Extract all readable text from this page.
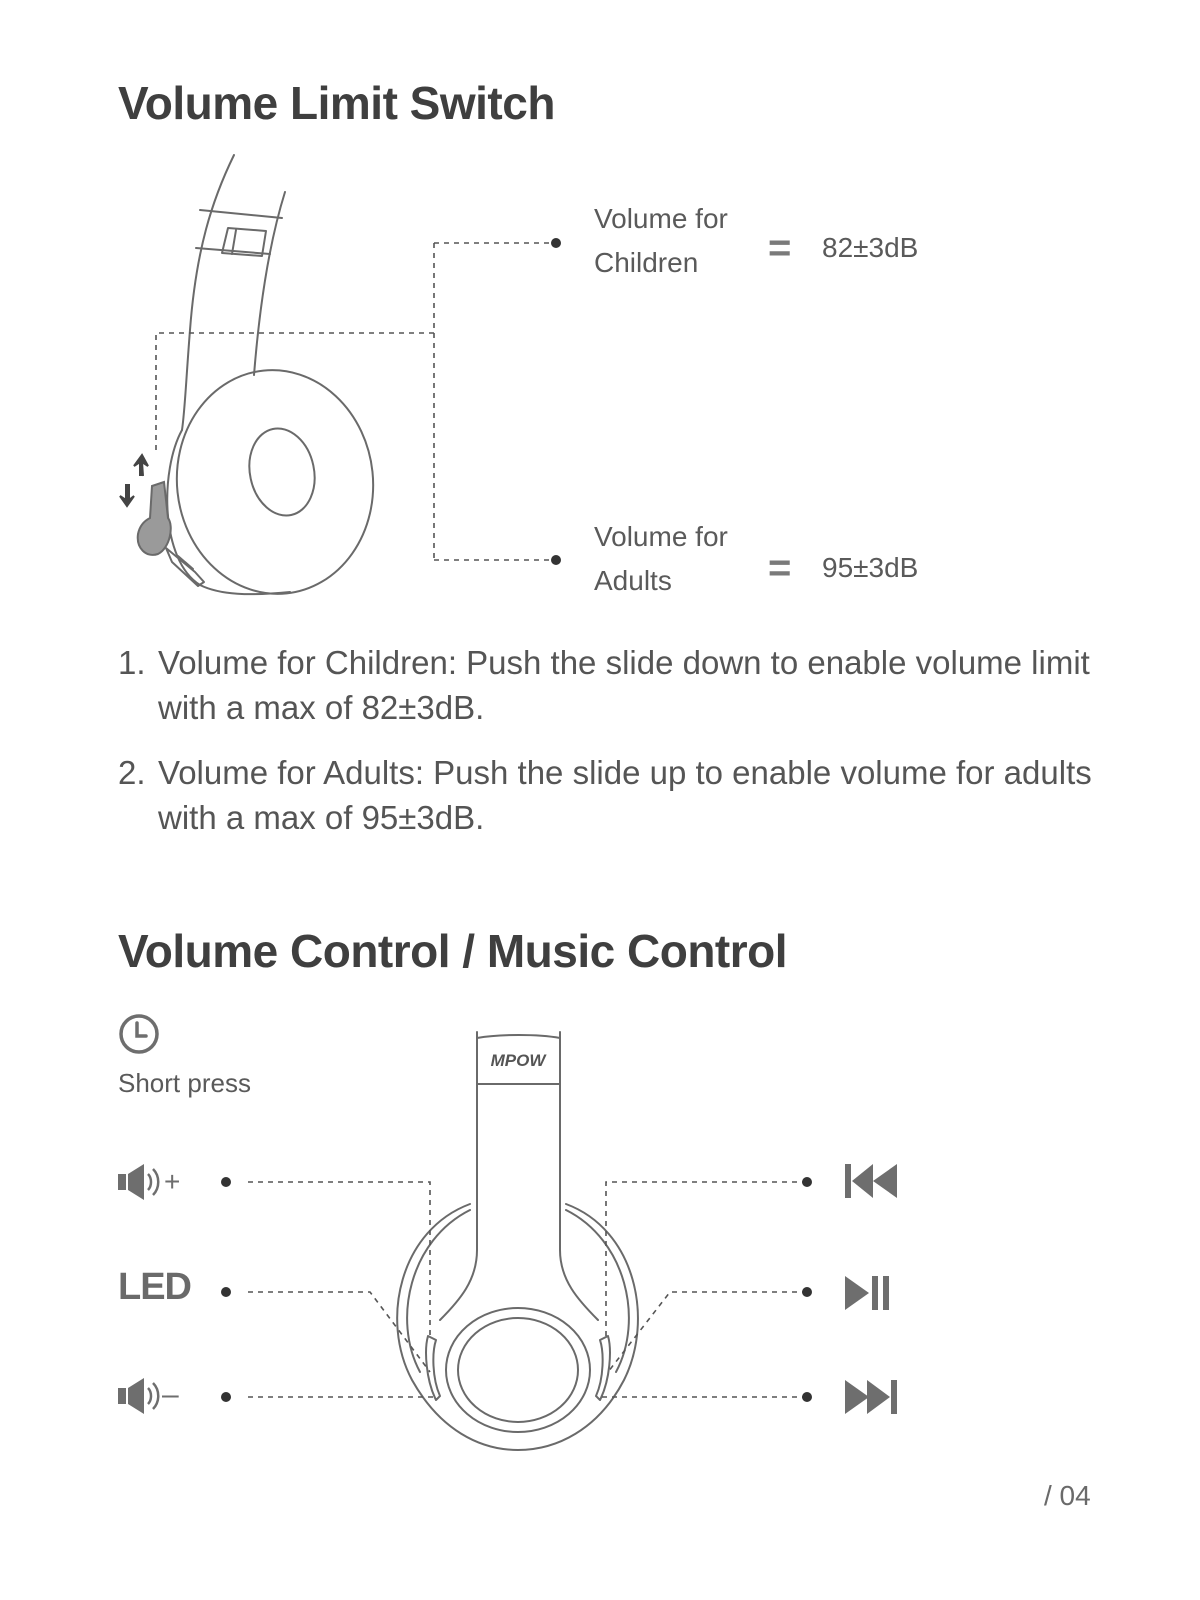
Volume Limit Switch
Volume for
Children = 82±3dB
Volume for
Adults = 95±3dB
1. Volume for Children: Push the slide down to enable volume limit with a max of 82±3dB.
2. Volume for Adults: Push the slide up to enable volume for adults with a max of 95±3dB.
Volume Control / Music Control
Short press
MPOW
+
LED
–
/ 04
